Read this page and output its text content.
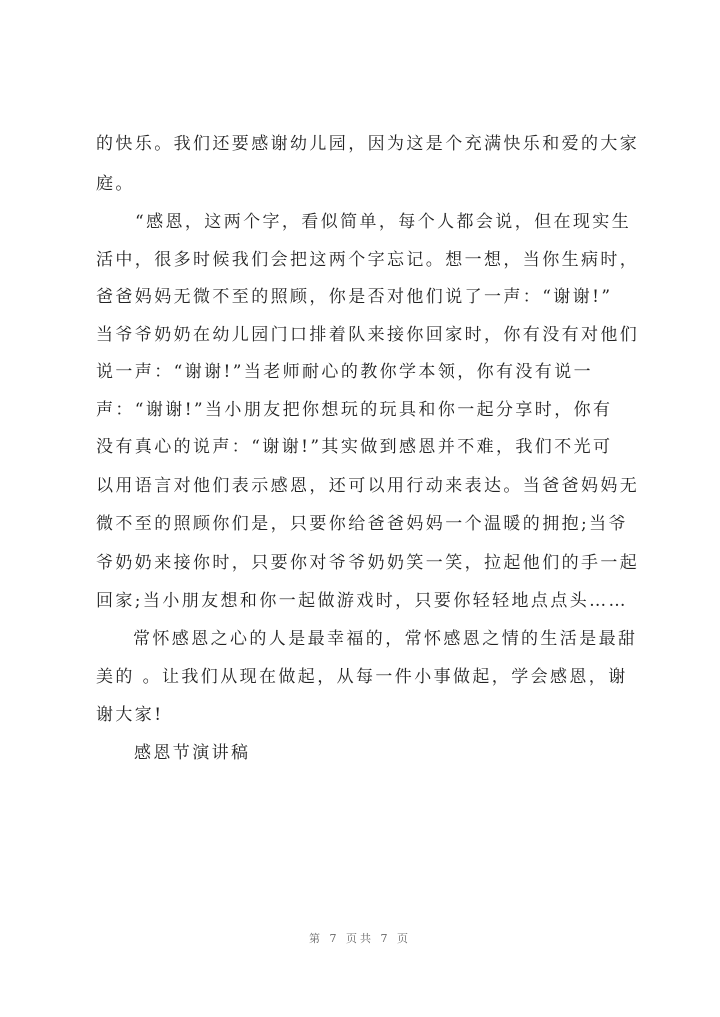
的快乐。我们还要感谢幼儿园，因为这是个充满快乐和爱的大家
庭。
“感恩，这两个字，看似简单，每个人都会说，但在现实生
活中，很多时候我们会把这两个字忘记。想一想，当你生病时，
爸爸妈妈无微不至的照顾，你是否对他们说了一声：“谢谢!”
当爷爷奶奶在幼儿园门口排着队来接你回家时，你有没有对他们
说一声：“谢谢!”当老师耐心的教你学本领，你有没有说一
声：“谢谢!”当小朋友把你想玩的玩具和你一起分享时，你有
没有真心的说声：“谢谢!”其实做到感恩并不难，我们不光可
以用语言对他们表示感恩，还可以用行动来表达。当爸爸妈妈无
微不至的照顾你们是，只要你给爸爸妈妈一个温暖的拥抱;当爷
爷奶奶来接你时，只要你对爷爷奶奶笑一笑，拉起他们的手一起
回家;当小朋友想和你一起做游戏时，只要你轻轻地点点头……
常怀感恩之心的人是最幸福的，常怀感恩之情的生活是最甜
美的 。让我们从现在做起，从每一件小事做起，学会感恩，谢
谢大家!
感恩节演讲稿
第 7 页共 7 页
